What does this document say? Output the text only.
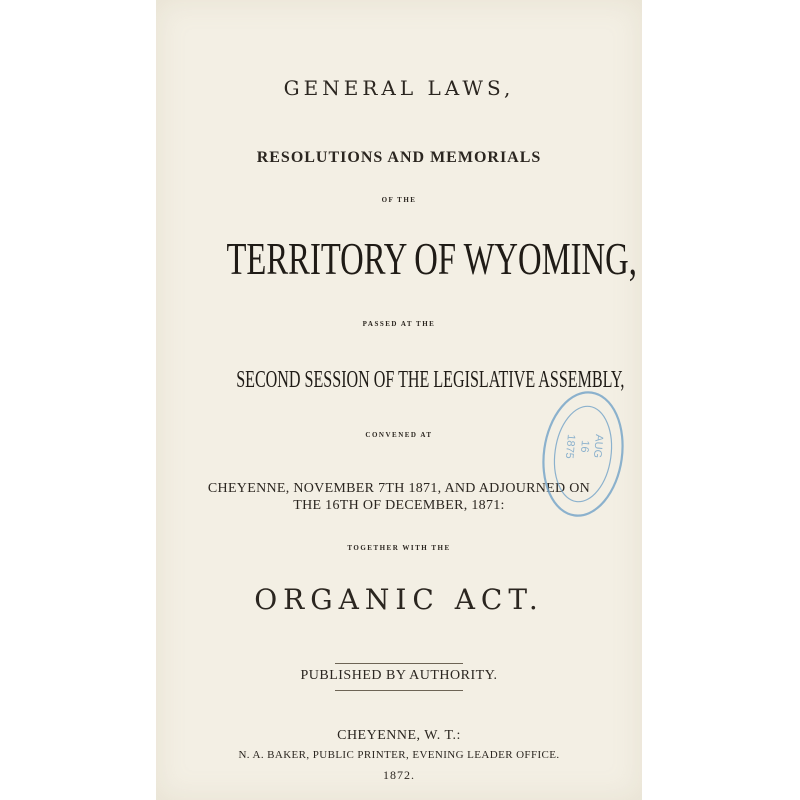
GENERAL LAWS,

RESOLUTIONS AND MEMORIALS

OF THE

TERRITORY OF WYOMING,

PASSED AT THE

SECOND SESSION OF THE LEGISLATIVE ASSEMBLY,

CONVENED AT

CHEYENNE, NOVEMBER 7TH 1871, AND ADJOURNED ON

THE 16TH OF DECEMBER, 1871:

TOGETHER WITH THE

ORGANIC ACT.

PUBLISHED BY AUTHORITY.

CHEYENNE, W. T.:

N. A. BAKER, PUBLIC PRINTER, EVENING LEADER OFFICE.

1872.

AUG
16
1875
